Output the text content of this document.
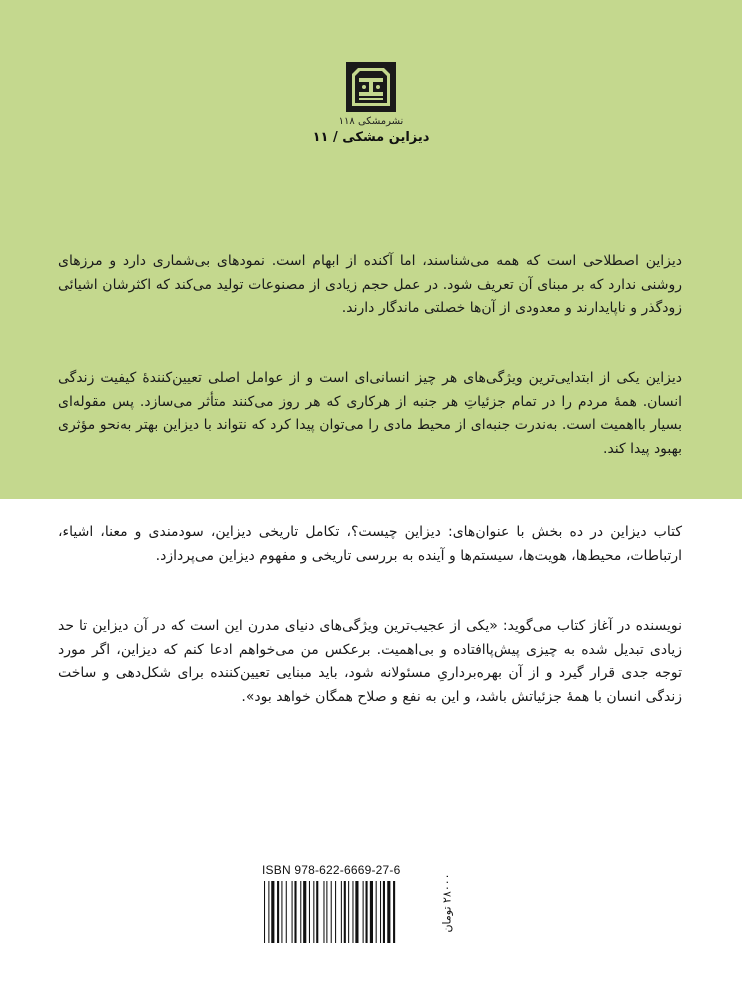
نشرمشکی ۱۱۸
دیزاین مشکی / ۱۱

دیزاین اصطلاحی است که همه می‌شناسند، اما آکنده از ابهام است. نمودهای بی‌شماری دارد و مرزهای روشنی ندارد که بر مبنای آن تعریف شود. در عمل حجم زیادی از مصنوعات تولید می‌کند که اکثرشان اشیائی زودگذر و ناپایدارند و معدودی از آن‌ها خصلتی ماندگار دارند.

دیزاین یکی از ابتدایی‌ترین ویژگی‌های هر چیز انسانی‌ای است و از عوامل اصلی تعیین‌کنندهٔ کیفیت زندگی انسان. همهٔ مردم را در تمام جزئیاتِ هر جنبه از هرکاری که هر روز می‌کنند متأثر می‌سازد. پس مقوله‌ای بسیار بااهمیت است. به‌ندرت جنبه‌ای از محیط مادی را می‌توان پیدا کرد که نتواند با دیزاین بهتر به‌نحو مؤثری بهبود پیدا کند.

کتاب دیزاین در ده بخش با عنوان‌های: دیزاین چیست؟، تکامل تاریخی دیزاین، سودمندی و معنا، اشیاء، ارتباطات، محیط‌ها، هویت‌ها، سیستم‌ها و آینده به بررسی تاریخی و مفهوم دیزاین می‌پردازد.

نویسنده در آغاز کتاب می‌گوید: «یکی از عجیب‌ترین ویژگی‌های دنیای مدرن این است که در آن دیزاین تا حد زیادی تبدیل شده به چیزی پیش‌پاافتاده و بی‌اهمیت. برعکس من می‌خواهم ادعا کنم که دیزاین، اگر مورد توجه جدی قرار گیرد و از آن بهره‌برداریِ مسئولانه شود، باید مبنایی تعیین‌کننده برای شکل‌دهی و ساخت زندگی انسان با همهٔ جزئیاتش باشد، و این به نفع و صلاح همگان خواهد بود».

ISBN 978-622-6669-27-6
۲۸۰۰۰ تومان
